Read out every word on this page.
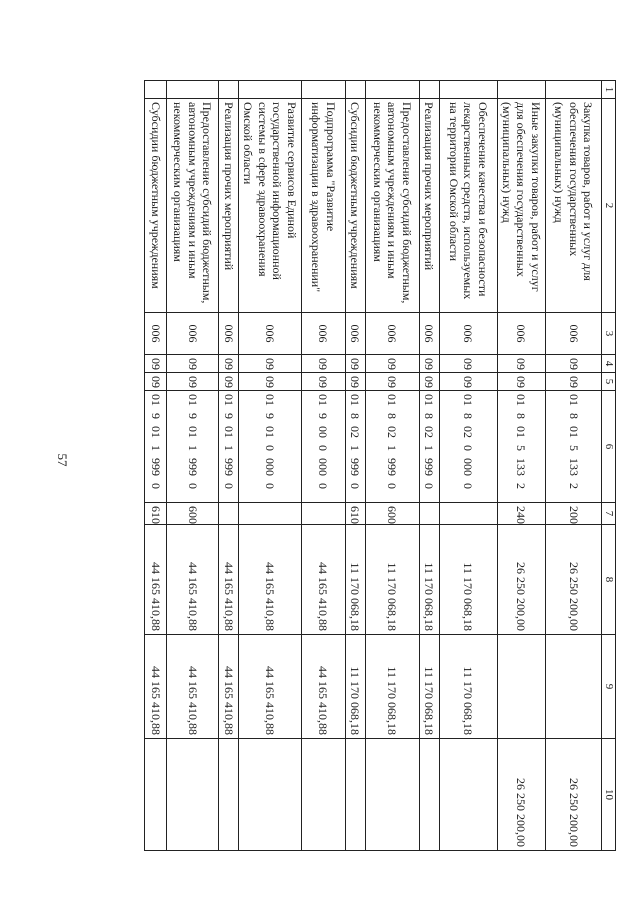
57
1	2	3	4	5	6	7	8	9	10
	Закупка товаров, работ и услуг для обеспечения государственных (муниципальных) нужд	006	09	09	01 8 01 5 133 2	200	26 250 200,00		26 250 200,00
	Иные закупки товаров, работ и услуг для обеспечения государственных (муниципальных) нужд	006	09	09	01 8 01 5 133 2	240	26 250 200,00		26 250 200,00
	Обеспечение качества и безопасности лекарственных средств, используемых на территории Омской области	006	09	09	01 8 02 0 000 0		11 170 068,18	11 170 068,18	
	Реализация прочих мероприятий	006	09	09	01 8 02 1 999 0		11 170 068,18	11 170 068,18	
	Предоставление субсидий бюджетным, автономным учреждениям и иным некоммерческим организациям	006	09	09	01 8 02 1 999 0	600	11 170 068,18	11 170 068,18	
	Субсидии бюджетным учреждениям	006	09	09	01 8 02 1 999 0	610	11 170 068,18	11 170 068,18	
	Подпрограмма "Развитие информатизации в здравоохранении"	006	09	09	01 9 00 0 000 0		44 165 410,88	44 165 410,88	
	Развитие сервисов Единой государственной информационной системы в сфере здравоохранения Омской области	006	09	09	01 9 01 0 000 0		44 165 410,88	44 165 410,88	
	Реализация прочих мероприятий	006	09	09	01 9 01 1 999 0		44 165 410,88	44 165 410,88	
	Предоставление субсидий бюджетным, автономным учреждениям и иным некоммерческим организациям	006	09	09	01 9 01 1 999 0	600	44 165 410,88	44 165 410,88	
	Субсидии бюджетным учреждениям	006	09	09	01 9 01 1 999 0	610	44 165 410,88	44 165 410,88	
